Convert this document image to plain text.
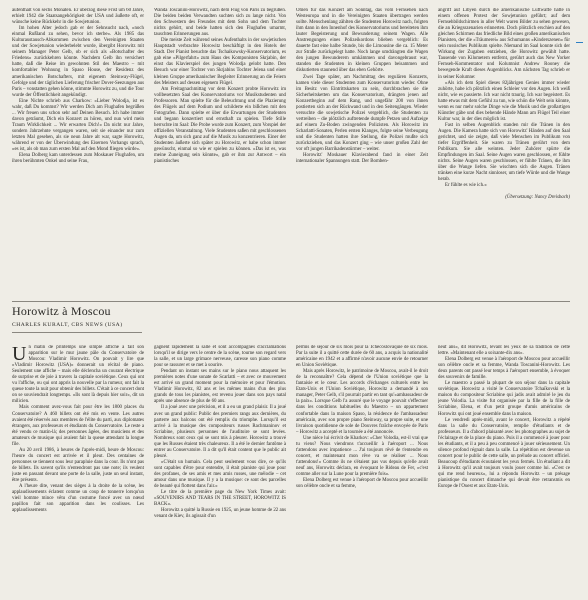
aufenthalt von sechs Monaten. Er überzog diese Frist um 60 Jahre, erhielt 1942 die Staatsangehörigkeit der USA und äußerte oft, er wünsche keine Rückkehr in die Sowjetunion.

Im hohen Alter jedoch gab er der Sehnsucht nach, »noch einmal Rußland zu sehen, bevor ich sterbe«. Als 1985 das Kulturaustausch-Abkommen zwischen den Vereinigten Staaten und der Sowjetunion wiederbelebt wurde, übergibt Horowitz mit seinem Manager Peter Gelb, ob er sich als »Botschafter des Friedens« zurückkehren könnte. Nachdem Gelb ihn versichert hatte, daß die Reise im gewohnten Stil des Maestro – mit komfortabler Wohnung in Spaso House, der Residenz des amerikanischen Botschafters, mit eigenem Steinway-Flügel, Gefolge und der täglichen Lieferung frischer Dover-Seezungen aus Paris – vonstatten gehen könne, stimmte Horowitz zu, und die Tour wurde der Öffentlichkeit angekündigt.

Eine Nichte schrieb aus Charkow: »Lieber Wolodja, ist es wahr, daß Du kommst? Wir werden Dich am Flughafen begrüßen ... Wir freuen uns schon sehr auf Deinen Besuch. Ich habe immer davon geträumt, Dich ein Konzert zu hören, und nun wird mein Traum Wirklichkeit ... Wir erwarten Dich!« Da nicht nur Jahre, sondern Jahrzehnte vergangen waren, seit sie einander nur zum letzten Mal gesehen, als sie neun Jahre alt war, sagte Horowitz, während er von der Überwindung des Eisernen Vorhangs sprach, »es ist, als ob man zum ersten Mal auf den Mond fliegen würde«.

Elena Dolberg kam unterdessen zum Moskauer Flughafen, um ihren berühmten Onkel und seine Frau,

Wanda Toscanini-Horowitz, nach dem Flug von Paris zu begrüßen. Die beiden beiden Verwandten suchten sich zu lange nicht. Von den Schwestern des Freundes mit dem Sohn und dem Tochter nichts gehört, und beide hatten sich den Flughafen umarmt, tauschten Erinnerungen aus.

Die meiste Zeit während seines Aufenthalts in der sowjetischen Hauptstadt verbrachte Horowitz beschäftigt in den Hotels der Stadt. Der Pianist besuchte das Tschaikowsky-Konservatorium, es gab eine »Pilgerfahrt« zum Haus des Komponisten Skrjabin, der einst das Klavierspiel des jungen Wolodja gelobt hatte. Den Besuch war einer Tochter von Skrjabins Tochter Jelena und einer kleinen Gruppe amerikanischer Begleiter Erinnerung an die Feiern des Meisters auf dessen eigenem Flügel.

Am Freitagnachmittag vor dem Konzert probte Horowitz im vollbesetzten Saal des Konservatoriums vor Musikstudenten und Professoren. Man spielte für die Beleuchtung und die Plazierung des Flügels auf dem Podium und schilderte ein bißchen mit den Fotografen. Dann spielte er über die Erwartungen der Studenten und begann konzertiert und ernsthaft zu spielen. Tiefe Stille herrschte im Saal: Die Probe wurde zum Konzert, zum Vorspiel der offiziellen Veranstaltung. Viele Studenten saßen mit geschlossenen Augen da, um sich ganz auf die Musik zu konzentrieren. Einer der Studenten äußerte sich später zu Horowitz, er habe schon immer gewünscht, einmal so wie er spielen zu können. »Das ist es, was meine Zuneigung sein könnte«, gab er ihm zur Antwort – ein pianistisches

Omen für das Konzert am Sonntag, das vom Fernsehen nach Westeuropa und in die Vereinigten Staaten übertragen werden sollte. Menschenlang zählten die Studenten Horowitz nach, folgten ihm dann in den Innenhof des Konservatoriums und bereiteten ihm lauter Begeisterung und Bewunderung seinem Wagen. Alle Anstrengungen eines Polizeikordons blieben vergeblich: Es dauerte fast eine halbe Stunde, bis die Limousine die ca. 15 Meter zur Straße zurückgelegt hatte. Noch lange umdrängten die Wagen den jungen Bewunderern umkämmen und davongebraust war, standen die Studenten in kleinen Gruppen beisammen und diskutierten staunend über das eben Gehörte.

Zwei Tage später, am Nachmittag des regulären Konzerts, kamen viele dieser Studenten zum Konservatorium wieder. Ohne im Besitz von Eintrittskarten zu sein, durchbrachen sie die Sicherheitsketten um das Konservatorium, drängten jenen auf Konzertbeginn auf dem Rang, und ungefähr 200 von ihnen postierten sich an der Rückwand und in den Seitengängen. Wieder versuchte die sowjetische Polizei vergeblich, die Studenten zu vertreiben – die plötzlich auftretende dumpfe Petzen und Aufzeige auf einem Zu-Boden zwingenden Polizisten. Als Horowitz im Scharlatti-Sonaten, Perlen ersten Klanges, folgte seine Verbeugung und die Studenten hatten ihre Stellung, die Polizei mußte sich zurückziehen, und das Konzert ging – wie unser großen Zahl der vor oft jungen Barrikadenstürmer – weiter.

Horowitz' Moskauer Klavierabend fand in einer Zeit internationaler Spannungen statt. Der Bomben-

angriff auf Libyen durch die amerikanische Luftwaffe hatte in einem offenen Protest der Sowjetunion geführt; auf dem Fernsehbildschirmen in aller Welt waren Bilder zu sehen gewesen, die an Kriegsszenarien erinnerten. Doch plötzlich erschien auf den gleichen Schirmen das friedliche Bild eines großen amerikanischen Pianisten, der die »Träumerei« aus Schumanns »Kinderszenen« für sein russisches Publikum spielte. Niemand im Saal konnte sich der Wirkung der Zugaben entziehen, die Horowitz gewählt hatte. Tausende von Kilometern entfernt, gerührt auch das New Yorker Fernseh-Kommentator und Kolumnist Andrew Rooney die bewegende Kraft dieses Augenblicks. Am nächsten Tag schrieb er in seiner Kolumne:

»Als ich dem Spiel dieses 82jährigen Genies immer wieder zuhörte, habe ich plötzlich einen Schleier vor den Augen. Ich weiß nicht, wie es passierte. Ich war nicht traurig. Ich war begeistert. Es hatte etwas mit dem Gefühl zu tun, wie schön die Welt sein könnte, wenn es nur mehr solche Dinge wie die Musik und die großartigen Künstler gäbe und dies behende Hände Mann am Flügel Teil einer Kultur war, in der dies möglich ist.

Fast in selben Augenblick standen mir die Tränen in den Augen. Die Kamera hatte sich von Horowitz' Händen auf den Saal gerichtet, und sie zeigte, daß viele Menschen im Publikum von tiefer Ergriffenheit. Sie waren zu Tränen gerührt von dem Publikum. Sie alle weinten. Jeder Zuhörer spürte die Empfindungen im Saal. Seine Augen waren geschlossen, er fühlte nichts. Seine Augen waren geschlossen, er fühlte Tränen, die ihm über die Wange liefen. Sie wischten sich die Augen. Tränen tränken eine kurze Nacht sinnloser, um tiefe Würde und die Wange herab.

Er fühlte es wie ich.«

(Übersetzung: Nancy Dreisbach)

Horowitz à Moscou
CHARLES KURALT, CBS NEWS (USA)

Un matin de printemps une simple affiche a fait son apparition sur le mur jaune pâle du Conservatoire de Moscou: Vladimir Horowitz. On pouvait y lire que »Vladimir Horowitz (USA)« donnerait un récital de piano. Seulement une affiche – mais elle déclencha un courant électrique de surprise et de joie à travers la capitale soviétique. Ceux qui ont vu l'affiche, ou qui ont appris la nouvelle par la rumeur, ont fait la queue toute la nuit pour obtenir des billets. C'était à ce concert dont on se souviendrait longtemps. »Ils sont là depuis hier soir«, dit un milicien.

Mais comment avez-vous fait pour être les 1800 places du Conservatoire? A 460 billets ont été mis en vente. Les autres avaient été réservés aux membres de l'élite du parti, aux diplomates étrangers, aux professeurs et étudiants du Conservatoire. Le reste a été vendu ce matin-là; des personnes âgées, des musiciens et des amateurs de musique qui avaient fait la queue attendant la longue file.

Au 20 avril 1986, à heures de l'après-midi, heure de Moscou: l'heure du concert est arrivée et il pleut. Des centaines de personnes se tiennent sous leur parapluie dans la cour. Ils n'ont pas de billets. Ils savent qu'ils n'entendront pas une note; ils veulent juste en passant devant une porte de la salle, juste un seul instant, être présents.

A l'heure dite, venant des sièges à la droite de la scène, les applaudissements éclatent comme un coup de tonnerre lorsqu'un vieil homme mince vêtu d'un costume foncé avec un nœud papillon fait son apparition dans les coulisses. Les applaudissements

gagnent rapidement la salle et sont accompagnés d'acclamations lorsqu'il se dirige vers le centre de la scène, tourne son regard vers la salle, et un large grimace nerveuse, caresse son piano comme pour se rassurer et se met à sourire.

Pendant un instant ses mains sur le piano nous attaquent les premières notes d'une sonate de Scarlatti – et avec ce mouvement est arrivé un grand moment pour la mémoire et pour l'émotion. Vladimir Horowitz, 82 ans et les mêmes mains d'un des plus grands de tous les pianistes, est revenu jouer dans son pays natal après une absence de plus de 60 ans.

Il a joué avec une précision, et il a eu un grand plaisir. Il a joué avec un grand public: Public des premiers rangs aux dernières, du parterre aux balcons ont été remplis du triomphe. Lorsqu'il est arrivé à la musique des compositeurs russes Rachmaninov et Scriabine, plusieurs personnes de l'auditoire se sont levées. Nombreux sont ceux qui se sont mis à pleurer. Horowitz a trouvé que les Russes étaient très chaleureux. Il a été le dernier fantôme à entrer au Conservatoire. Il a dit qu'il était content que le public ait pleuré.

»C'était un humain. Cela peut seulement vous dire, ce qu'ils sont capables d'être pour entendre, il était pianiste qui joue pour des profanes, de ses amis et mes amis russes, une mélodie – cet amour dans une musique. Il y a la musique: ce sont des parcelles de beauté qui flottent dans l'air.«

Le titre de la première page du New York Times avait: »SOUVENIRS AND TEARS IN THE STREET, HOROWITZ IS BACK«.

Horowitz a quitté la Russie en 1925, un jeune homme de 22 ans venant de Kiev, ils agissait d'un

permis de séjour de six mois pour la Tchécoslovaquie de six mois. Par la suite il a quitté cette durée de 60 ans, a acquis la nationalité américaine en 1942 et a affirmé n'avoir aucune envie de retourner en Union Soviétique.

Mais après Horowitz, le patrimoine de Moscou, avait-il le droit de la reconnaître? Cela dépend de l'Union soviétique que la fantaisie et le cœur. Les accords d'échanges culturels entre les Etats-Unis et l'Union Soviétique, Horowitz a demandé à son manager, Peter Gelb, s'il pourrait partir en tant qu'»ambassadeur de la paix«. Lorsque Gelb l'a assuré que le voyage pouvait s'effectuer dans les conditions habituelles du Maestro – un appartement confortable dans la maison Spaso, la résidence de l'ambassadeur américain, avec son propre piano Steinway, sa propre suite, et une livraison quotidienne de sole de Douvres fraîche envoyée de Paris – Horowitz a accepté et la tournée a été annoncée.

Une nièce lui écrivit de Kharkov: »Cher Volodia, est-il vrai que tu viens? Nous viendrons t'accueillir à l'aéroport ... Nous t'attendons avec impatience ... J'ai toujours rêvé de t'entendre en concert, et maintenant mon rêve va se réaliser ... Nous t'attendons!« Comme ils ne s'étaient pas vus depuis qu'elle avait neuf ans, Horowitz déclara, en évoquant le Rideau de Fer, »c'est comme aller sur la Lune pour la première fois«.

Elena Dolberg est venue à l'aéroport de Moscou pour accueillir son célèbre oncle et sa femme,

neuf ans«, dit Horowitz, levant les yeux de sa tradition de cette lettre. »Maintenant elle a soixante-dix ans«.

Elena Dolberg est venue à l'aéroport de Moscou pour accueillir son célèbre oncle et sa femme, Wanda Toscanini-Horowitz. Les deux parents ont passé leur temps à l'aéroport ensemble, à évoquer des souvenirs de famille.

Le maestro a passé la plupart de son séjour dans la capitale soviétique. Horowitz a visité le Conservatoire Tchaïkovski et la maison du compositeur Scriabine qui jadis avait admiré le jeu du jeune Volodia. La visite fut organisée par la fille de la fille de Scriabine, Elena, et d'un petit groupe d'amis américains de Horowitz qui ont joué ensemble dans la maison.

Le vendredi après-midi, avant le concert, Horowitz a répété dans la salle du Conservatoire, remplie d'étudiants et de professeurs. Il a d'abord plaisanté avec les photographes au sujet de l'éclairage et de la place du piano. Puis il a commencé à jouer pour les étudiants, et il a peu à peu commencé à jouer sérieusement. Un silence profond régnait dans la salle. La répétition est devenue un concert pour le public de cette salle, un prélude au concert officiel. Beaucoup d'étudiants écoutaient les yeux fermés. Un étudiant a dit à Horowitz qu'il avait toujours voulu jouer comme lui. »C'est ce qui me rend heureux«, lui a répondu Horowitz – un présage pianistique du concert dimanche qui devait être retransmis en Europe de l'Ouest et aux Etats-Unis.
